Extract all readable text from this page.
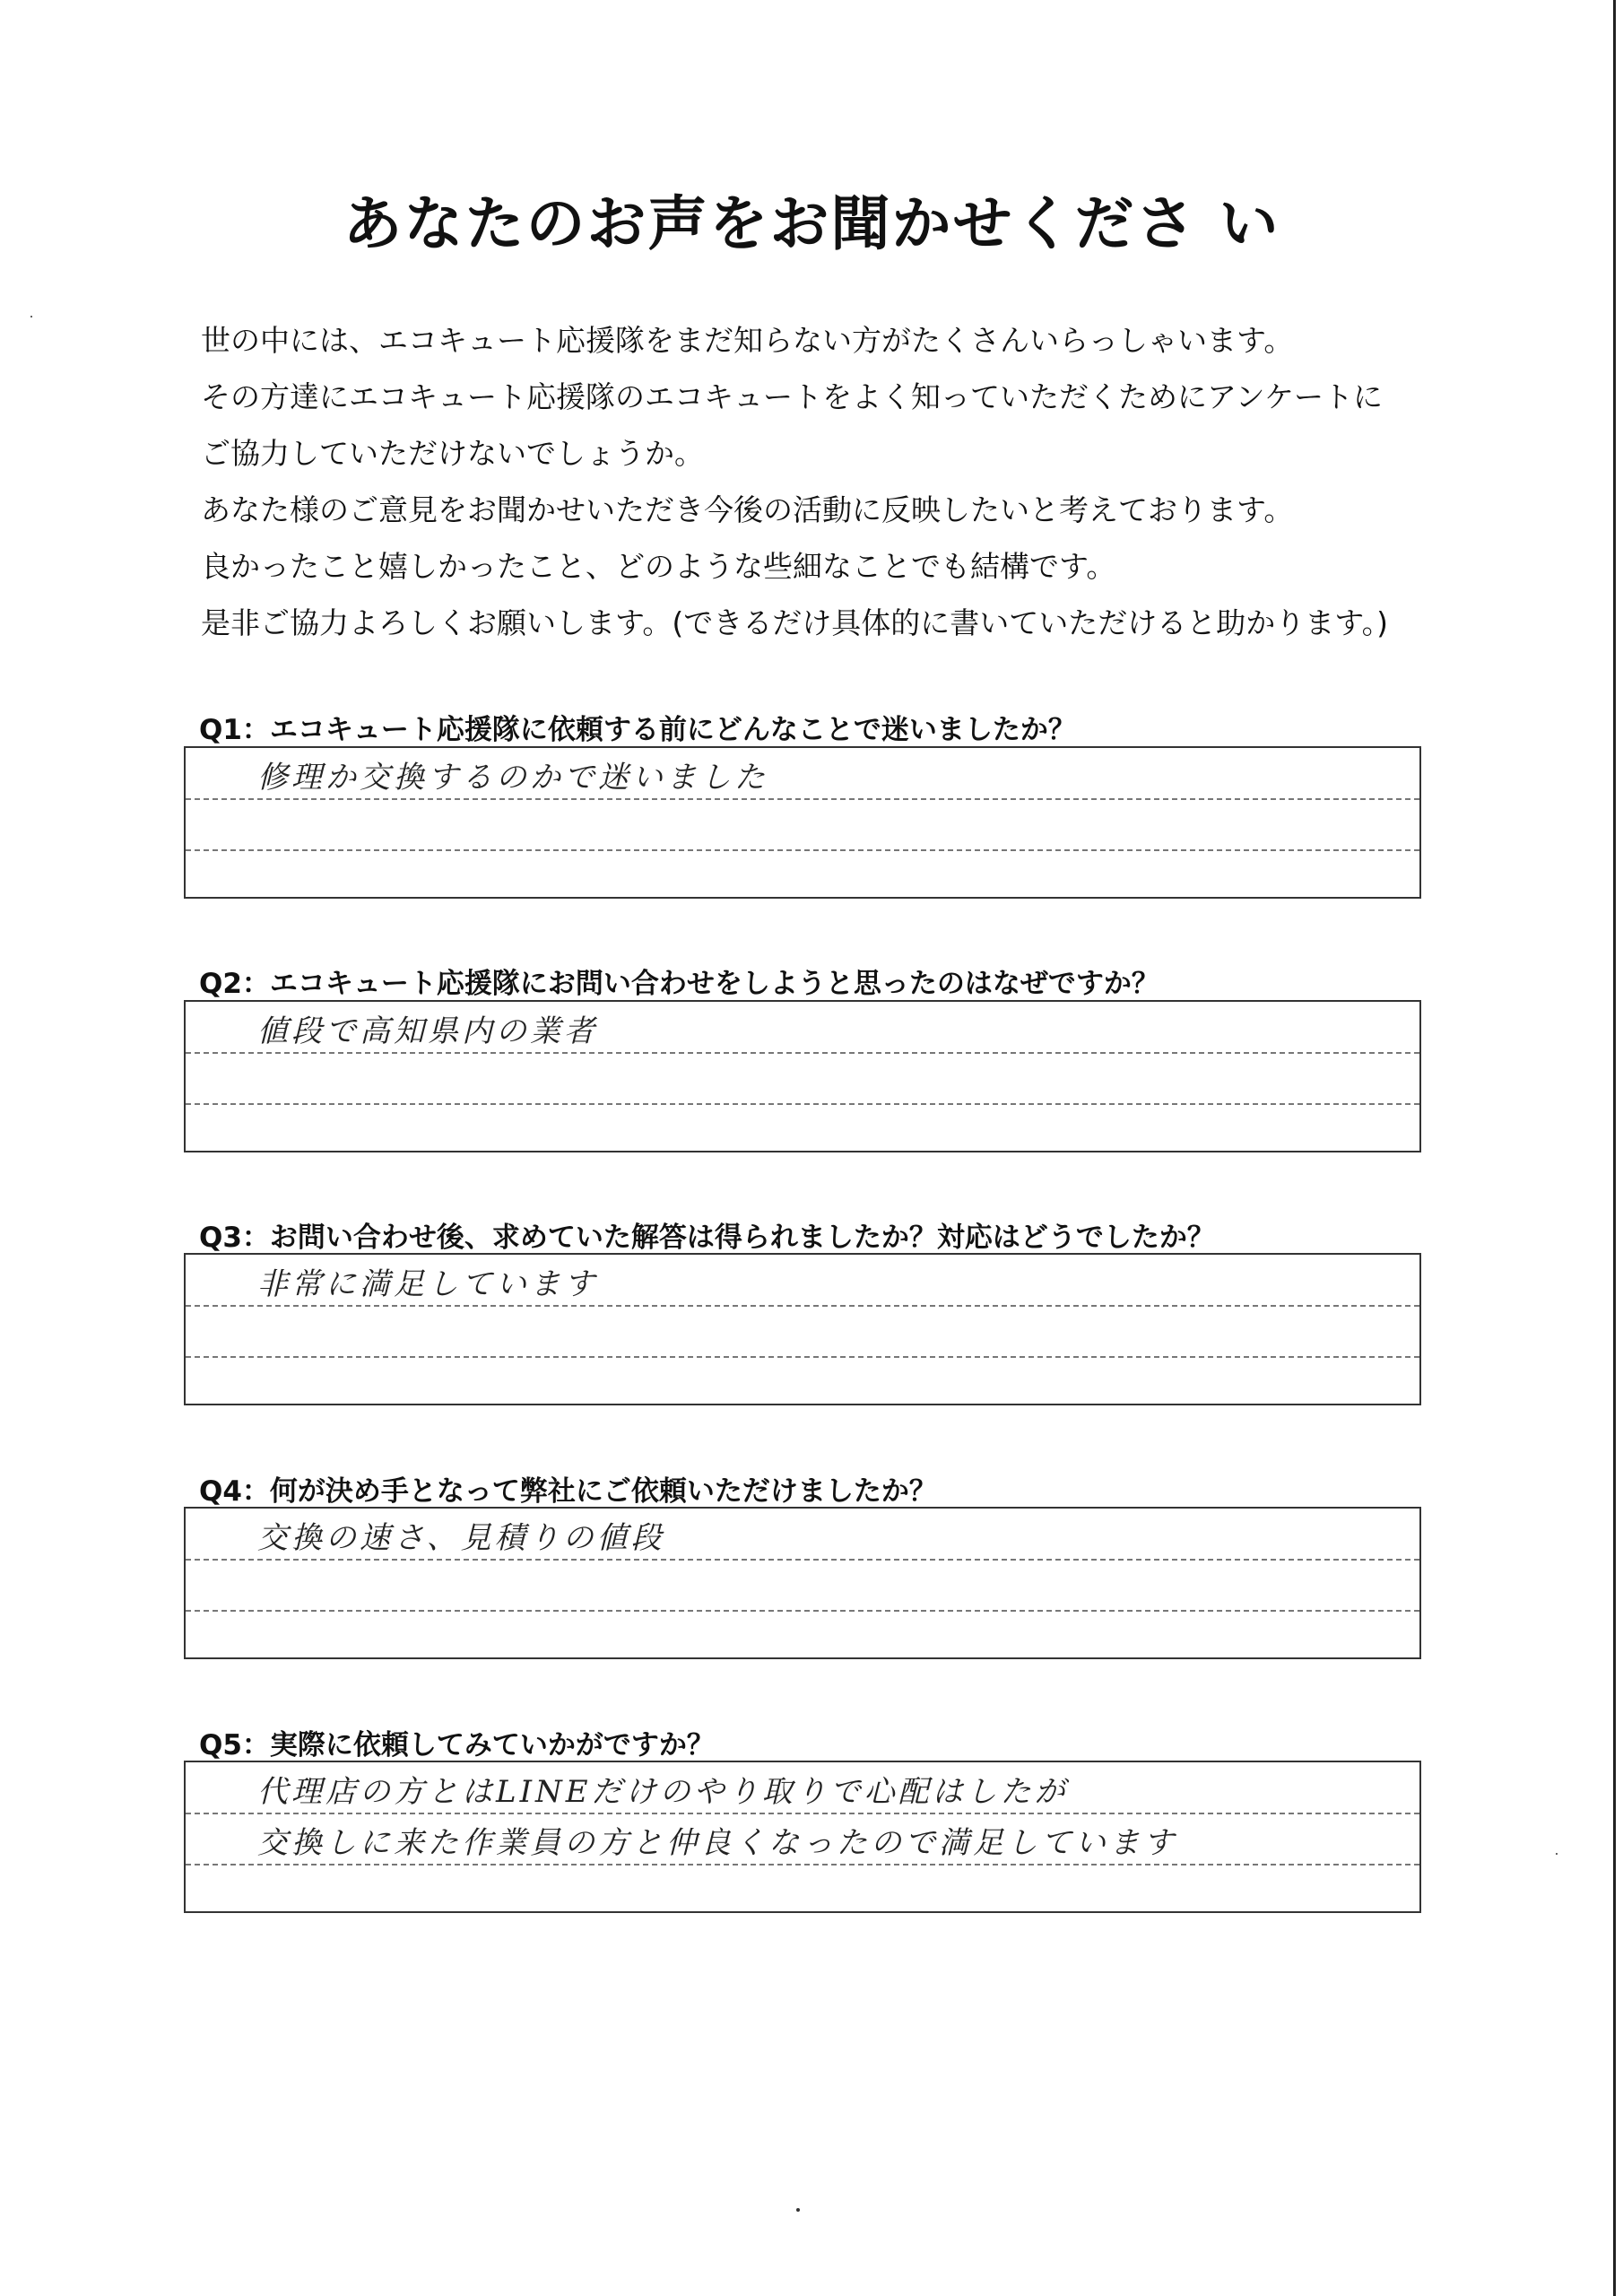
あなたのお声をお聞かせくださ い
世の中には、エコキュート応援隊をまだ知らない方がたくさんいらっしゃいます。
その方達にエコキュート応援隊のエコキュートをよく知っていただくためにアンケートに
ご協力していただけないでしょうか。
あなた様のご意見をお聞かせいただき今後の活動に反映したいと考えております。
良かったこと嬉しかったこと、どのような些細なことでも結構です。
是非ご協力よろしくお願いします。(できるだけ具体的に書いていただけると助かります。)
Q1：エコキュート応援隊に依頼する前にどんなことで迷いましたか？
修理か交換するのかで迷いました
Q2：エコキュート応援隊にお問い合わせをしようと思ったのはなぜですか？
値段で高知県内の業者
Q3：お問い合わせ後、求めていた解答は得られましたか？対応はどうでしたか？
非常に満足しています
Q4：何が決め手となって弊社にご依頼いただけましたか？
交換の速さ、見積りの値段
Q5：実際に依頼してみていかがですか？
代理店の方とはLINEだけのやり取りで心配はしたが
交換しに来た作業員の方と仲良くなったので満足しています
